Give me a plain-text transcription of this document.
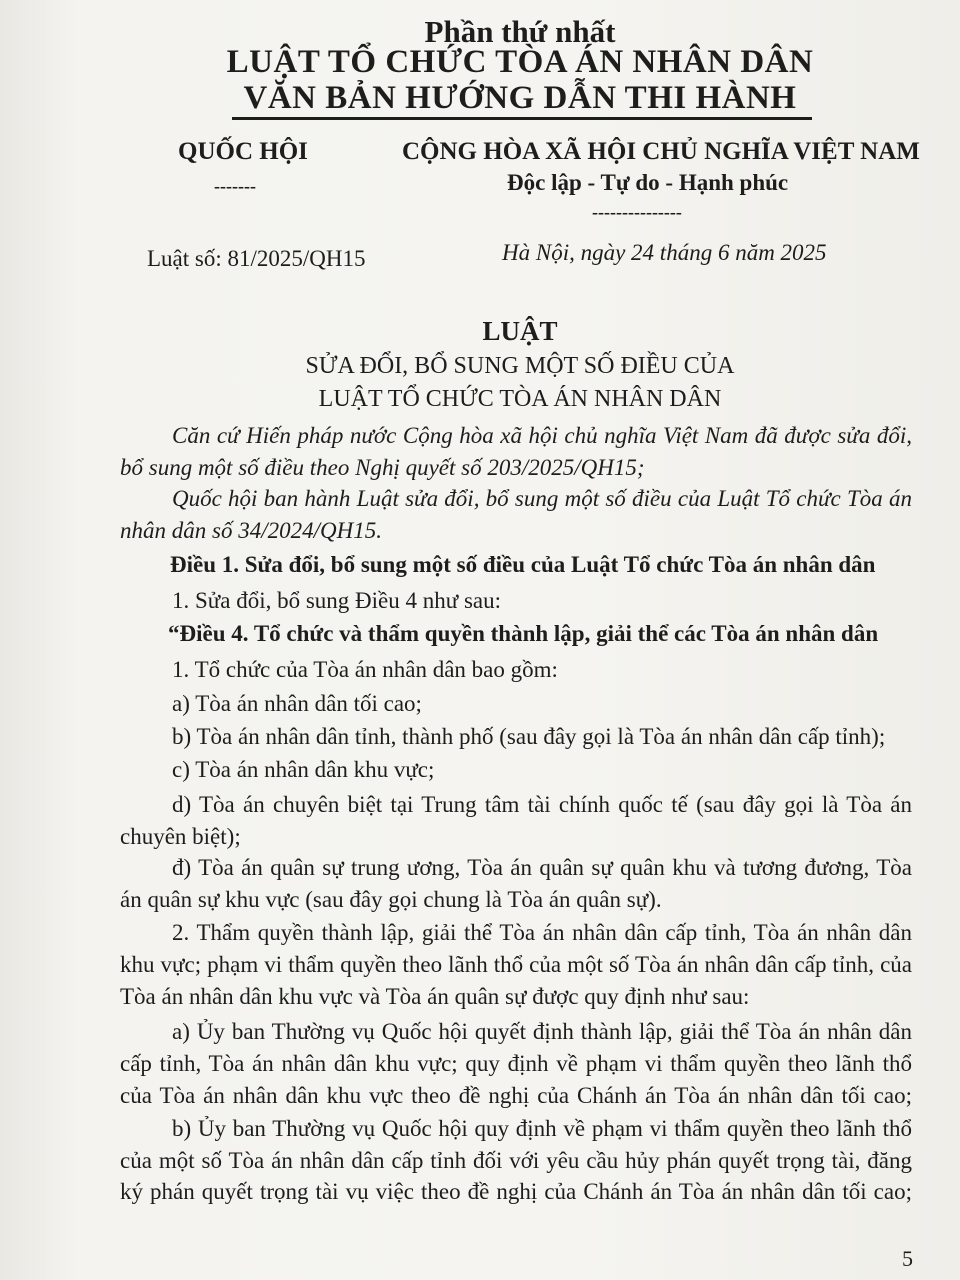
Phần thứ nhất
LUẬT TỔ CHỨC TÒA ÁN NHÂN DÂN
VĂN BẢN HƯỚNG DẪN THI HÀNH
QUỐC HỘI
-------
CỘNG HÒA XÃ HỘI CHỦ NGHĨA VIỆT NAM
Độc lập - Tự do - Hạnh phúc
---------------
Luật số: 81/2025/QH15	Hà Nội, ngày 24 tháng 6 năm 2025
LUẬT
SỬA ĐỔI, BỔ SUNG MỘT SỐ ĐIỀU CỦA
LUẬT TỔ CHỨC TÒA ÁN NHÂN DÂN
Căn cứ Hiến pháp nước Cộng hòa xã hội chủ nghĩa Việt Nam đã được sửa đổi,
bổ sung một số điều theo Nghị quyết số 203/2025/QH15;
Quốc hội ban hành Luật sửa đổi, bổ sung một số điều của Luật Tổ chức Tòa án
nhân dân số 34/2024/QH15.
Điều 1. Sửa đổi, bổ sung một số điều của Luật Tổ chức Tòa án nhân dân
1. Sửa đổi, bổ sung Điều 4 như sau:
“Điều 4. Tổ chức và thẩm quyền thành lập, giải thể các Tòa án nhân dân
1. Tổ chức của Tòa án nhân dân bao gồm:
a) Tòa án nhân dân tối cao;
b) Tòa án nhân dân tỉnh, thành phố (sau đây gọi là Tòa án nhân dân cấp tỉnh);
c) Tòa án nhân dân khu vực;
d) Tòa án chuyên biệt tại Trung tâm tài chính quốc tế (sau đây gọi là Tòa án
chuyên biệt);
đ) Tòa án quân sự trung ương, Tòa án quân sự quân khu và tương đương, Tòa
án quân sự khu vực (sau đây gọi chung là Tòa án quân sự).
2. Thẩm quyền thành lập, giải thể Tòa án nhân dân cấp tỉnh, Tòa án nhân dân
khu vực; phạm vi thẩm quyền theo lãnh thổ của một số Tòa án nhân dân cấp tỉnh, của
Tòa án nhân dân khu vực và Tòa án quân sự được quy định như sau:
a) Ủy ban Thường vụ Quốc hội quyết định thành lập, giải thể Tòa án nhân dân
cấp tỉnh, Tòa án nhân dân khu vực; quy định về phạm vi thẩm quyền theo lãnh thổ
của Tòa án nhân dân khu vực theo đề nghị của Chánh án Tòa án nhân dân tối cao;
b) Ủy ban Thường vụ Quốc hội quy định về phạm vi thẩm quyền theo lãnh thổ
của một số Tòa án nhân dân cấp tỉnh đối với yêu cầu hủy phán quyết trọng tài, đăng
ký phán quyết trọng tài vụ việc theo đề nghị của Chánh án Tòa án nhân dân tối cao;
5
